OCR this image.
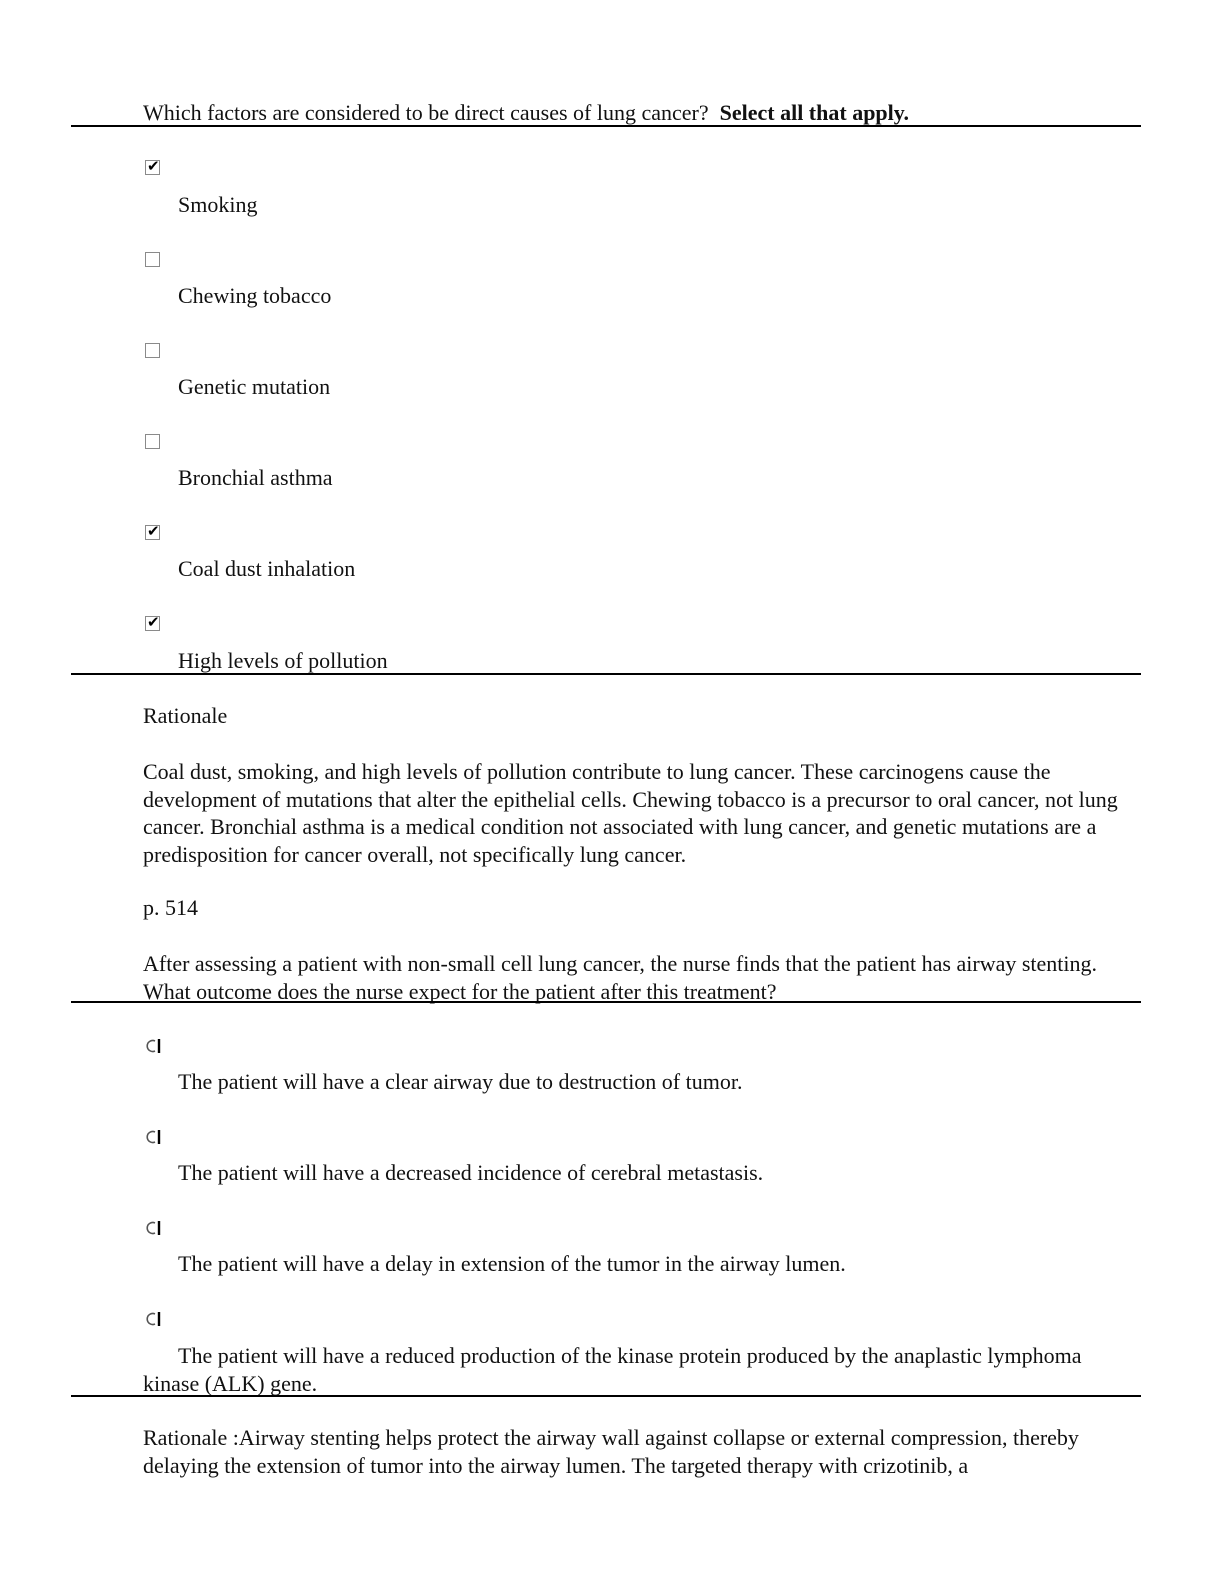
Which factors are considered to be direct causes of lung cancer? Select all that apply.
✔
Smoking
Chewing tobacco
Genetic mutation
Bronchial asthma
✔
Coal dust inhalation
✔
High levels of pollution
Rationale
Coal dust, smoking, and high levels of pollution contribute to lung cancer. These carcinogens cause the development of mutations that alter the epithelial cells. Chewing tobacco is a precursor to oral cancer, not lung cancer. Bronchial asthma is a medical condition not associated with lung cancer, and genetic mutations are a predisposition for cancer overall, not specifically lung cancer.
p. 514
After assessing a patient with non-small cell lung cancer, the nurse finds that the patient has airway stenting. What outcome does the nurse expect for the patient after this treatment?
The patient will have a clear airway due to destruction of tumor.
The patient will have a decreased incidence of cerebral metastasis.
The patient will have a delay in extension of the tumor in the airway lumen.
The patient will have a reduced production of the kinase protein produced by the anaplastic lymphoma kinase (ALK) gene.
Rationale :Airway stenting helps protect the airway wall against collapse or external compression, thereby delaying the extension of tumor into the airway lumen. The targeted therapy with crizotinib, a
